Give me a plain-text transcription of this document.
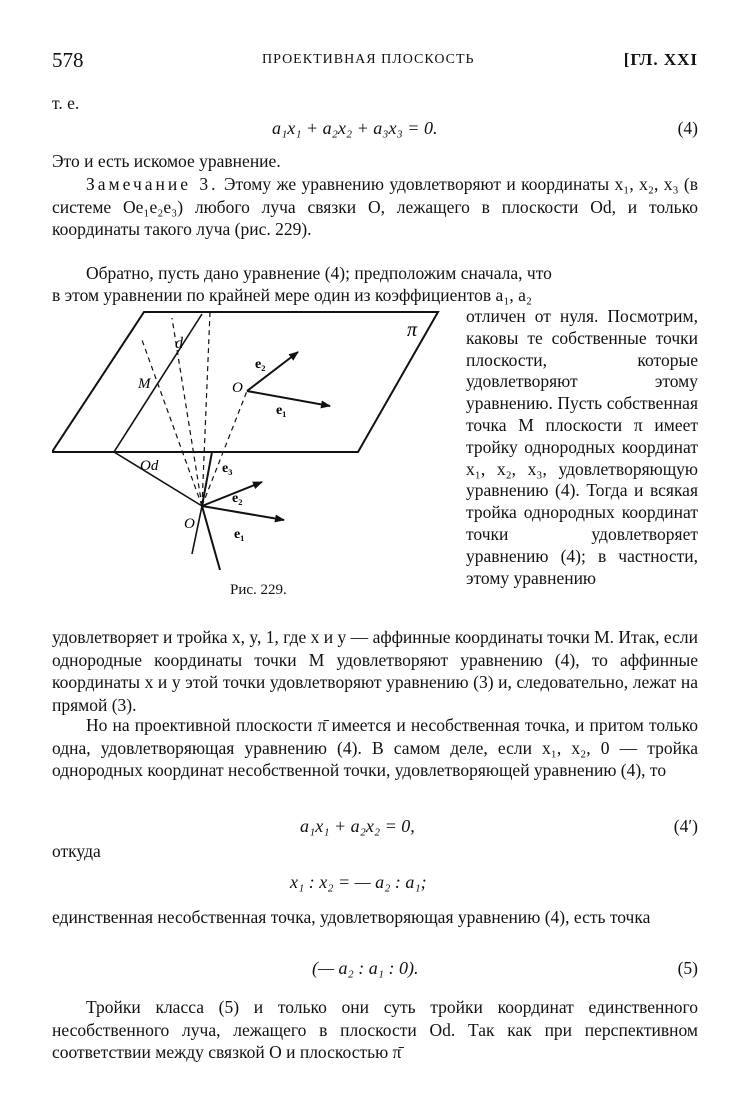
578	ПРОЕКТИВНАЯ ПЛОСКОСТЬ	[ГЛ. XXI
т. е.
a₁x₁ + a₂x₂ + a₃x₃ = 0.	(4)
Это и есть искомое уравнение.
Замечание 3. Этому же уравнению удовлетворяют и координаты x₁, x₂, x₃ (в системе Oe₁e₂e₃) любого луча связки O, лежащего в плоскости Od, и только координаты такого луча (рис. 229).
Обратно, пусть дано уравнение (4); предположим сначала, что
в этом уравнении по крайней мере один из коэффициентов a₁, a₂
π
d
M	O
e₂
e₁
Od	e₃
e₂
e₁
O
Рис. 229.
отличен от нуля. Посмотрим, каковы те собственные точки плоскости, которые удовлетворяют этому уравнению. Пусть собственная точка M плоскости π имеет тройку однородных координат x₁, x₂, x₃, удовлетворяющую уравнению (4). Тогда и всякая тройка однородных координат точки удовлетворяет уравнению (4); в частности, этому уравнению
удовлетворяет и тройка x, y, 1, где x и y — аффинные координаты точки M. Итак, если однородные координаты точки M удовлетворяют уравнению (4), то аффинные координаты x и y этой точки удовлетворяют уравнению (3) и, следовательно, лежат на прямой (3).
Но на проективной плоскости π̄ имеется и несобственная точка, и притом только одна, удовлетворяющая уравнению (4). В самом деле, если x₁, x₂, 0 — тройка однородных координат несобственной точки, удовлетворяющей уравнению (4), то
a₁x₁ + a₂x₂ = 0,	(4′)
откуда
x₁ : x₂ = — a₂ : a₁;
единственная несобственная точка, удовлетворяющая уравнению (4), есть точка
(— a₂ : a₁ : 0).	(5)
Тройки класса (5) и только они суть тройки координат единственного несобственного луча, лежащего в плоскости Od. Так как при перспективном соответствии между связкой O и плоскостью π̄
